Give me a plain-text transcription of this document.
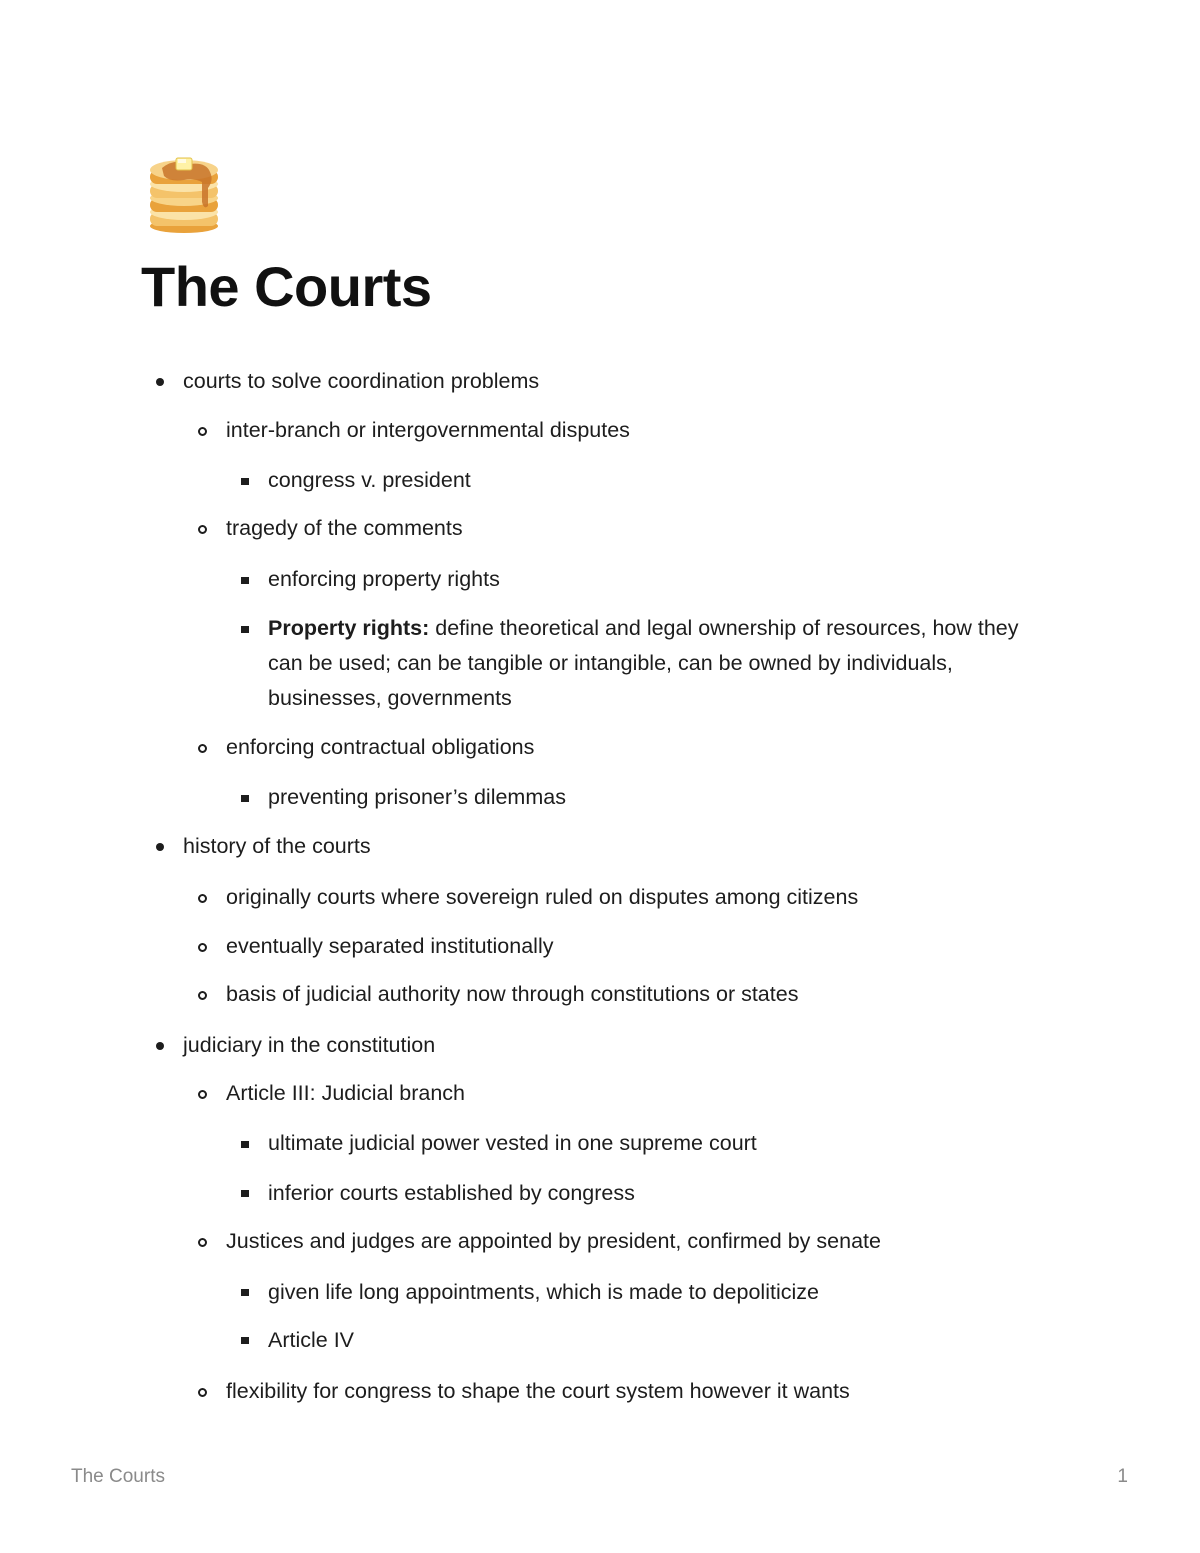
The Courts
courts to solve coordination problems
inter-branch or intergovernmental disputes
congress v. president
tragedy of the comments
enforcing property rights
Property rights: define theoretical and legal ownership of resources, how they can be used; can be tangible or intangible, can be owned by individuals, businesses, governments
enforcing contractual obligations
preventing prisoner’s dilemmas
history of the courts
originally courts where sovereign ruled on disputes among citizens
eventually separated institutionally
basis of judicial authority now through constitutions or states
judiciary in the constitution
Article III: Judicial branch
ultimate judicial power vested in one supreme court
inferior courts established by congress
Justices and judges are appointed by president, confirmed by senate
given life long appointments, which is made to depoliticize
Article IV
flexibility for congress to shape the court system however it wants
The Courts	1
